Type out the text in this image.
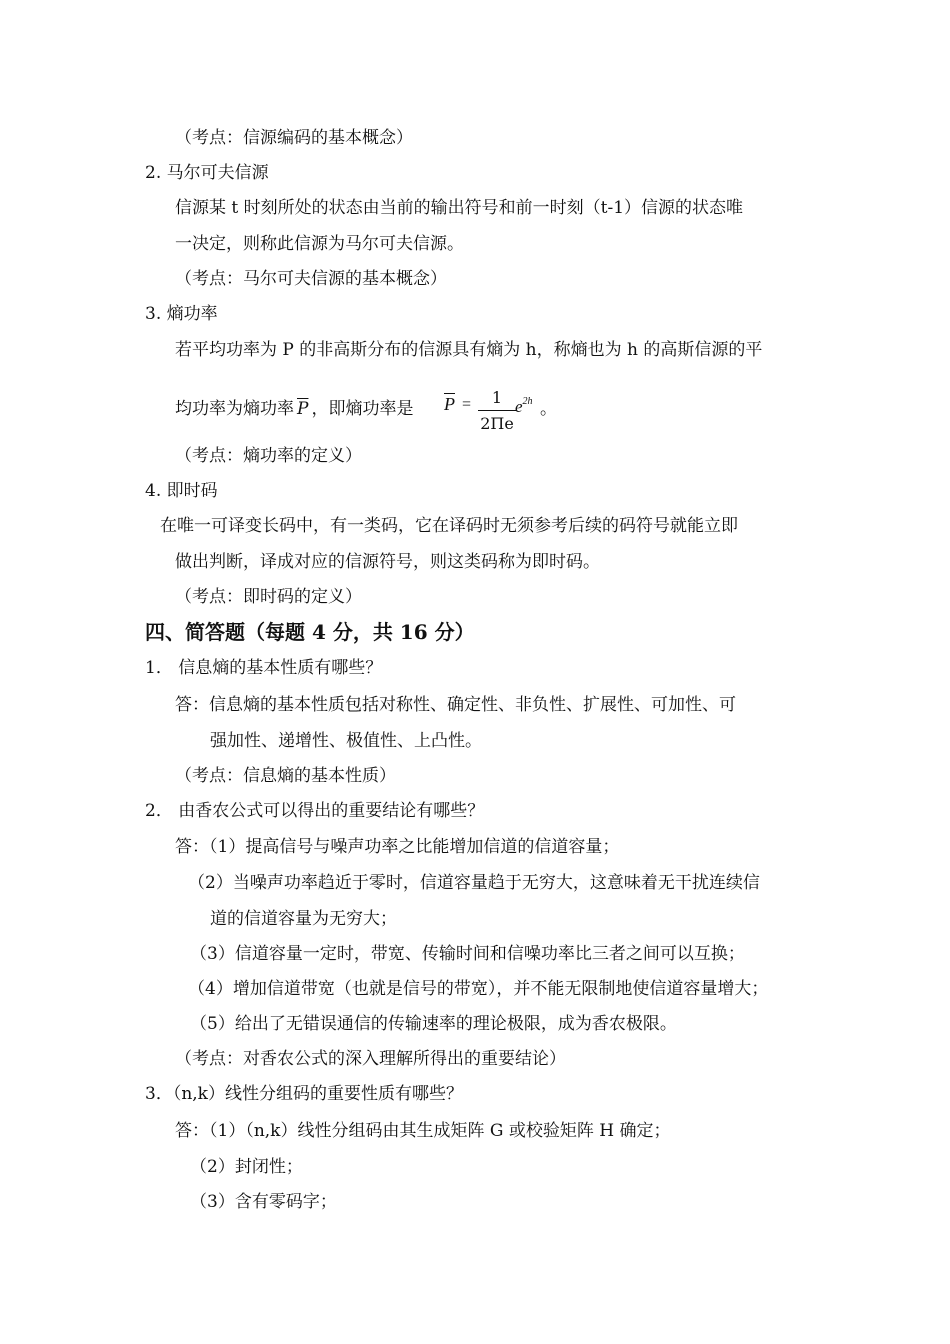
（考点：信源编码的基本概念）
2. 马尔可夫信源
信源某 t 时刻所处的状态由当前的输出符号和前一时刻（t-1）信源的状态唯
一决定，则称此信源为马尔可夫信源。
（考点：马尔可夫信源的基本概念）
3. 熵功率
若平均功率为 P 的非高斯分布的信源具有熵为 h，称熵也为 h 的高斯信源的平
均功率为熵功率 $\overline{P}$ ，即熵功率是 $\overline{P}$ =	1
2Πe
$e^{2h}$ 。
（考点：熵功率的定义）
4. 即时码
在唯一可译变长码中，有一类码，它在译码时无须参考后续的码符号就能立即
做出判断，译成对应的信源符号，则这类码称为即时码。
（考点：即时码的定义）
四、简答题（每题 4 分，共 16 分）
1． 信息熵的基本性质有哪些？
答：信息熵的基本性质包括对称性、确定性、非负性、扩展性、可加性、可
强加性、递增性、极值性、上凸性。
（考点：信息熵的基本性质）
2． 由香农公式可以得出的重要结论有哪些？
答：（1）提高信号与噪声功率之比能增加信道的信道容量；
（2）当噪声功率趋近于零时，信道容量趋于无穷大，这意味着无干扰连续信
道的信道容量为无穷大；
（3）信道容量一定时，带宽、传输时间和信噪功率比三者之间可以互换；
（4）增加信道带宽（也就是信号的带宽），并不能无限制地使信道容量增大；
（5）给出了无错误通信的传输速率的理论极限，成为香农极限。
（考点：对香农公式的深入理解所得出的重要结论）
3．（n,k）线性分组码的重要性质有哪些？
答：（1）（n,k）线性分组码由其生成矩阵 G 或校验矩阵 H 确定；
（2）封闭性；
（3）含有零码字；
